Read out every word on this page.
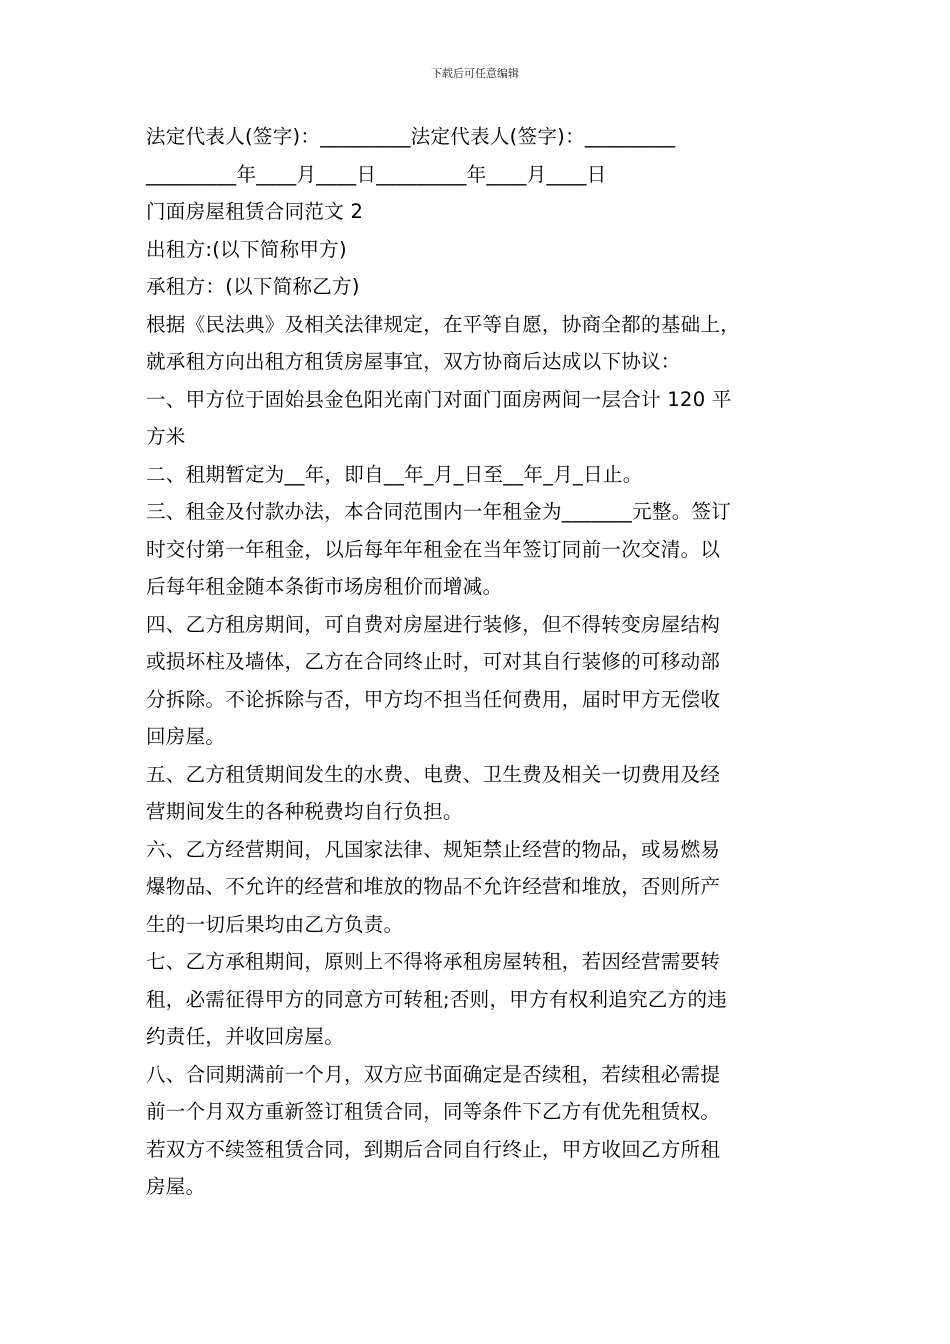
下载后可任意编辑
法定代表人(签字)：_________法定代表人(签字)：_________
_________年____月____日_________年____月____日
门面房屋租赁合同范文 2
出租方:(以下简称甲方)
承租方：(以下简称乙方)
根据《民法典》及相关法律规定，在平等自愿，协商全都的基础上，
就承租方向出租方租赁房屋事宜，双方协商后达成以下协议：
一、甲方位于固始县金色阳光南门对面门面房两间一层合计 120 平
方米
二、租期暂定为__年，即自__年_月_日至__年_月_日止。
三、租金及付款办法，本合同范围内一年租金为_______元整。签订
时交付第一年租金，以后每年年租金在当年签订同前一次交清。以
后每年租金随本条街市场房租价而增减。
四、乙方租房期间，可自费对房屋进行装修，但不得转变房屋结构
或损坏柱及墙体，乙方在合同终止时，可对其自行装修的可移动部
分拆除。不论拆除与否，甲方均不担当任何费用，届时甲方无偿收
回房屋。
五、乙方租赁期间发生的水费、电费、卫生费及相关一切费用及经
营期间发生的各种税费均自行负担。
六、乙方经营期间，凡国家法律、规矩禁止经营的物品，或易燃易
爆物品、不允许的经营和堆放的物品不允许经营和堆放，否则所产
生的一切后果均由乙方负责。
七、乙方承租期间，原则上不得将承租房屋转租，若因经营需要转
租，必需征得甲方的同意方可转租;否则，甲方有权利追究乙方的违
约责任，并收回房屋。
八、合同期满前一个月，双方应书面确定是否续租，若续租必需提
前一个月双方重新签订租赁合同，同等条件下乙方有优先租赁权。
若双方不续签租赁合同，到期后合同自行终止，甲方收回乙方所租
房屋。
